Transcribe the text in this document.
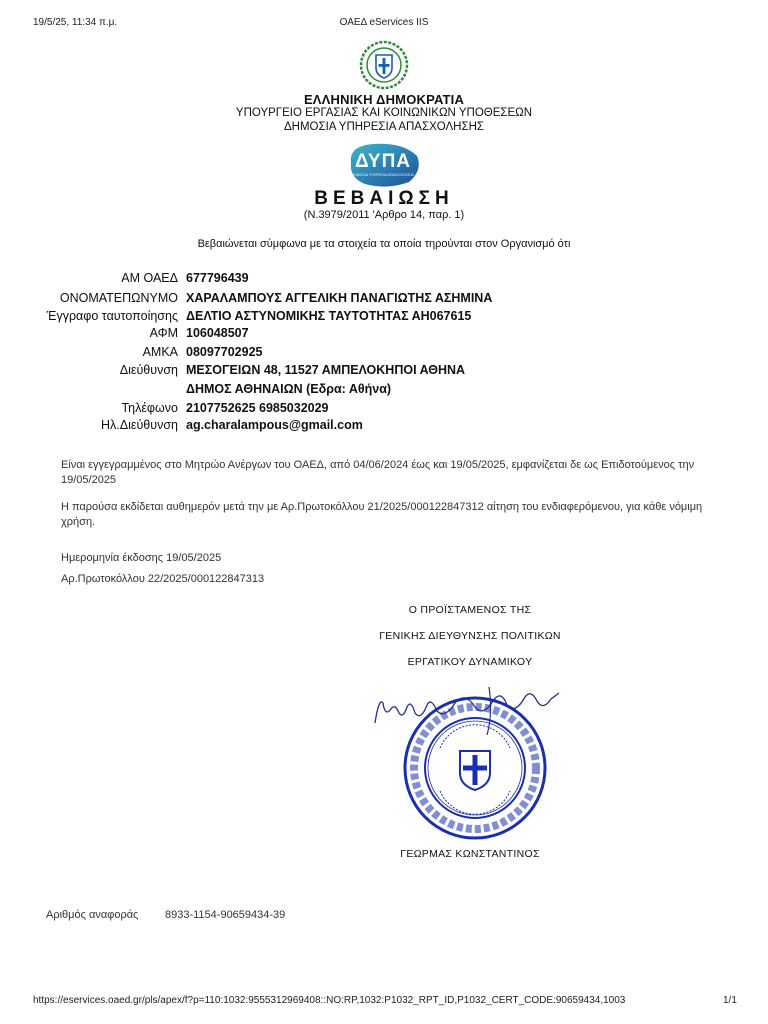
19/5/25, 11:34 π.μ.	ΟΑΕΔ eServices IIS
ΕΛΛΗΝΙΚΗ ΔΗΜΟΚΡΑΤΙΑ
ΥΠΟΥΡΓΕΙΟ ΕΡΓΑΣΙΑΣ ΚΑΙ ΚΟΙΝΩΝΙΚΩΝ ΥΠΟΘΕΣΕΩΝ
ΔΗΜΟΣΙΑ ΥΠΗΡΕΣΙΑ ΑΠΑΣΧΟΛΗΣΗΣ
ΔΥΠΑ
ΔΗΜΟΣΙΑ ΥΠΗΡΕΣΙΑ ΑΠΑΣΧΟΛΗΣΗΣ
ΒΕΒΑΙΩΣΗ
(Ν.3979/2011 'Αρθρο 14, παρ. 1)
Βεβαιώνεται σύμφωνα με τα στοιχεία τα οποία τηρούνται στον Οργανισμό ότι
ΑΜ ΟΑΕΔ 677796439
ΟΝΟΜΑΤΕΠΩΝΥΜΟ ΧΑΡΑΛΑΜΠΟΥΣ ΑΓΓΕΛΙΚΗ ΠΑΝΑΓΙΩΤΗΣ ΑΣΗΜΙΝΑ
Έγγραφο ταυτοποίησης ΔΕΛΤΙΟ ΑΣΤΥΝΟΜΙΚΗΣ ΤΑΥΤΟΤΗΤΑΣ ΑΗ067615
ΑΦΜ 106048507
ΑΜΚΑ 08097702925
Διεύθυνση ΜΕΣΟΓΕΙΩΝ 48, 11527 ΑΜΠΕΛΟΚΗΠΟΙ ΑΘΗΝΑ
ΔΗΜΟΣ ΑΘΗΝΑΙΩΝ (Εδρα: Αθήνα)
Τηλέφωνο 2107752625 6985032029
Ηλ.Διεύθυνση ag.charalampous@gmail.com
Είναι εγγεγραμμένος στο Μητρώο Ανέργων του ΟΑΕΔ, από 04/06/2024 έως και 19/05/2025, εμφανίζεται δε ως Επιδοτούμενος την 19/05/2025
Η παρούσα εκδίδεται αυθημερόν μετά την με Αρ.Πρωτοκόλλου 21/2025/000122847312 αίτηση του ενδιαφερόμενου, για κάθε νόμιμη χρήση.
Ημερομηνία έκδοσης 19/05/2025
Αρ.Πρωτοκόλλου 22/2025/000122847313
Ο ΠΡΟΪΣΤΑΜΕΝΟΣ ΤΗΣ
ΓΕΝΙΚΗΣ ΔΙΕΥΘΥΝΣΗΣ ΠΟΛΙΤΙΚΩΝ
ΕΡΓΑΤΙΚΟΥ ΔΥΝΑΜΙΚΟΥ
ΓΕΩΡΜΑΣ ΚΩΝΣΤΑΝΤΙΝΟΣ
Αριθμός αναφοράς 8933-1154-90659434-39
https://eservices.oaed.gr/pls/apex/f?p=110:1032:9555312969408::NO:RP,1032:P1032_RPT_ID,P1032_CERT_CODE:90659434,1003	1/1
